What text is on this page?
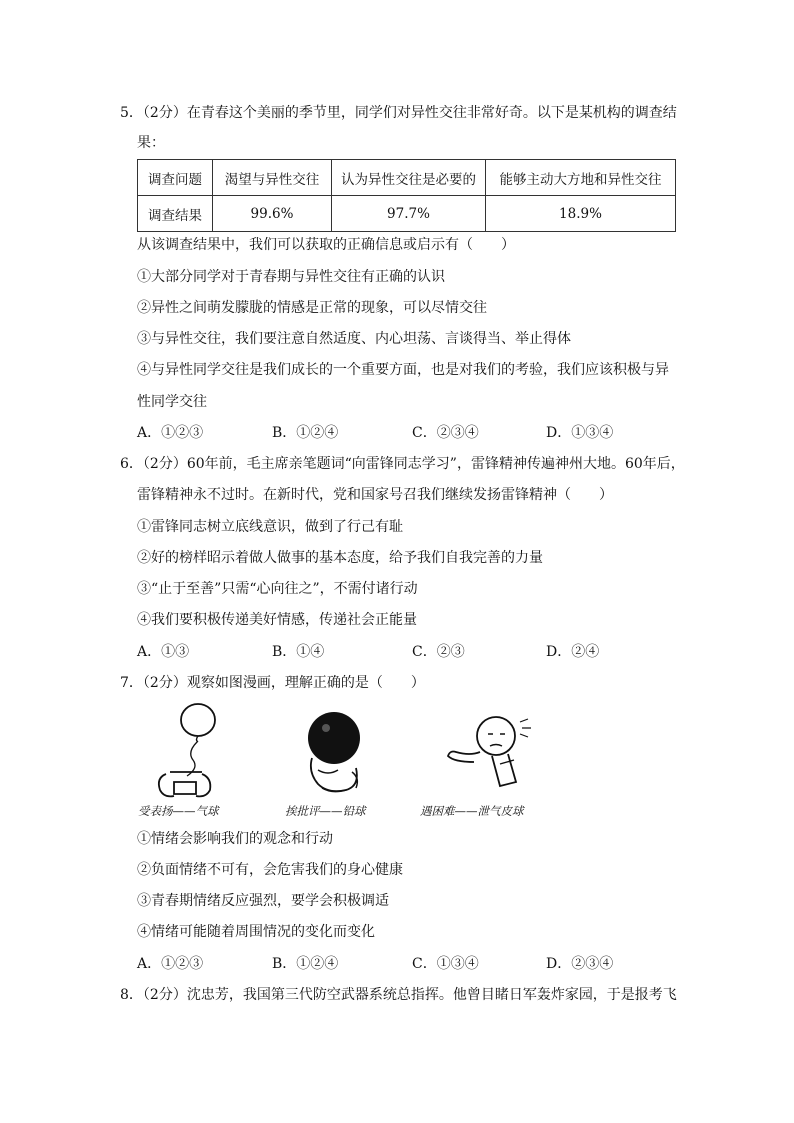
5．（2分）在青春这个美丽的季节里，同学们对异性交往非常好奇。以下是某机构的调查结
果：
调查问题	渴望与异性交往	认为异性交往是必要的	能够主动大方地和异性交往
调查结果	99.6%	97.7%	18.9%
从该调查结果中，我们可以获取的正确信息或启示有（　　）
①大部分同学对于青春期与异性交往有正确的认识
②异性之间萌发朦胧的情感是正常的现象，可以尽情交往
③与异性交往，我们要注意自然适度、内心坦荡、言谈得当、举止得体
④与异性同学交往是我们成长的一个重要方面，也是对我们的考验，我们应该积极与异
性同学交往
A．①②③	B．①②④	C．②③④	D．①③④
6．（2分）60年前，毛主席亲笔题词“向雷锋同志学习”，雷锋精神传遍神州大地。60年后，
雷锋精神永不过时。在新时代，党和国家号召我们继续发扬雷锋精神（　　）
①雷锋同志树立底线意识，做到了行己有耻
②好的榜样昭示着做人做事的基本态度，给予我们自我完善的力量
③“止于至善”只需“心向往之”，不需付诸行动
④我们要积极传递美好情感，传递社会正能量
A．①③	B．①④	C．②③	D．②④
7．（2分）观察如图漫画，理解正确的是（　　）
受表扬——气球	挨批评——铅球	遇困难——泄气皮球
①情绪会影响我们的观念和行动
②负面情绪不可有，会危害我们的身心健康
③青春期情绪反应强烈，要学会积极调适
④情绪可能随着周围情况的变化而变化
A．①②③	B．①②④	C．①③④	D．②③④
8．（2分）沈忠芳，我国第三代防空武器系统总指挥。他曾目睹日军轰炸家园，于是报考飞
